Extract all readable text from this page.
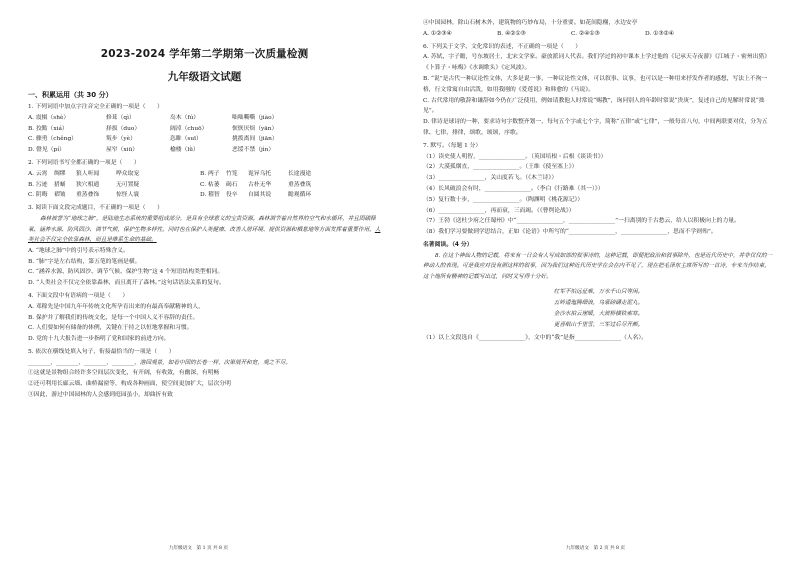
2023-2024 学年第二学期第一次质量检测
九年级语文试题
一、积累运用（共 30 分）
1. 下列词语中加点字注音完全正确的一项是（　　）
A. 震慑（shè）	修葺（qì）	岛木（fú）	咄咄嘶嘶（jiào）
B. 狡黠（xiá）	择拔（duo）	阔淖（chuō）	恹恹厌烦（yān）
C. 骤勇（chěng）	叛步（yè）	恣睢（suī）	挑拨离间（jiān）
D. 罄见（pí）	屋窄（xiū）	榆楼（lǜ）	恶馁不禁（jìn）
2. 下列词语书写全都正确的一项是（　　）
A. 云霄	绸缪	狼人听闻	哗众取宠	B. 两子	竹笼	诡异乌托	长途漫途
B. 污迹	猎蛹	狭穴相通	无可置疑	C. 枯萎	碣石	古朴无华	重蒸叠筑
C. 阴晦	褶皱	重蒸叠饰	惊怪人寰	D. 稽智	役卒	自圆其说	瞻观循环
3. 阅读下面文段完成题目，不正确的一项是（　　）
森林被誉为“地球之肺”，是陆地生态系统的重要组成部分，是具有全球意义的宝贵资源。森林调节着自然界的空气和水循环，并且固碳释氧、涵养水源、防风固沙、调节气候，保护生物多样性。同时也在保护人类健康、改善人居环境、提供资源和栖息地等方面发挥着重要作用。人类社会不仅完全依靠森林，而且是维系生命的基础。
A. “地球之肺”中的引号表示特殊含义。
B. “肺”字是左右结构，第五笔的笔画是横。
C. “涵养水源、防风固沙、调节气候、保护生物”这 4 个短语结构类型相同。
D. “人类社会不仅完全依靠森林，而且离开了森林。”这句话语法关系的复句。
4. 下面文段中有语病的一项是（　　）
A. 邓稼先是中国九年年传统文化所孕育出来的有最高奉献精神的人，
B. 保护并了解我们的传统文化，是每一个中国人义不容辞的责任。
C. 人们要如何有储备的体例，关键在于持之以恒地掌握和习惯。
D. 党的十九大报告进一步指明了党和国家的前进方向。
5. 依次在横线处填入句子，衔接最恰当的一项是（　　）
________，________，________，________，游园观景，如看中国的长卷一样，次第展开和宽，观之不尽。
①这就是景物组合经许多空间层次变化，有开阔，有收敛，有幽深，有明畅
②还可利用长廊云墙、曲桥漏窗等，构成各种画面，使空间更加扩大，层次分明
③因此，游过中国园林的人会感到庭园虽小，却曲折有致
九年级语文　第 1 页 共 8 页
④中国园林，除山石树木外，建筑物的巧妙布局，十分重要。如花间隐榭，水边安亭
A. ①②③④	B. ④②①③	C. ②④①③	D. ①③②④
6. 下列关于文学、文化常识的表述，不正确的一项是（　　）
A. 苏轼，字子瞻，号东坡居士，北宋文学家。豪放派词人代表。我们学过的初中课本上学过他的《记承天寺夜游》《江城子・密州出猎》《卜算子・咏梅》《水调歌头》《定风波》。
B. “说”是古代一种议论性文体，大多是说一事，一种议论性文体，可以叙事、议事，也可以是一种用来抒发作者的感想，写法上不拘一格，行文常寓自由活泼，如用我刚的《爱莲说》和韩愈的《马说》。
C. 古代常用的敬辞和谦辞如今仍在广泛使用，例如请教他人时常说“赐教”，询问别人的年龄时常说“贵庚”，复述自己的见解时常说“拙见”。
D. 律诗是球诗的一种，要求诗句字数整齐划一，每句五个字或七个字，简称“五律”或“七律”，一般每首八句，中间两联要对仗，分为五律、七律，排律，颂歌，颂颂，序歌。
7. 默写。（每题 1 分）
（1）读史使人明智，________________。（英国培根・后根《谈读书》）
（2）大漠孤烟直，________________。（王维《使至塞上》）
（3）________________，关山度若飞。（《木兰诗》）
（4）长风破浪会有时，________________。（李白《行路难（其一）》）
（5）复行数十步，________________。（陶渊明《桃花源记》）
（6）________________，再而衰，三而竭。（《曹刿论战》）
（7）王勃《送杜少府之任蜀州》中“________________，________________”一扫离别的千古愁云，给人以积极向上的力量。
（8）我们学习要做到学思结合，正如《论语》中所写的“________________，________________，思而不学则殆”。
名著阅读。（4 分）
8. 在这个神仙人物的记载，将来有一日会有人写成如部的叙事诗的，这种记载，即便把政治和叙事除外，也是近代历史中，并非仅仅的一种动人的表现。可是我应对没有照这样的叙事，因为我们这种近代历史学在会在内不见了，现在把毛泽东主席所写的一首诗，专来当作结束，这个地所有精神的记载写出过，同时又写得十分好。
红军不怕远征难，万水千山只等闲。
五岭逶迤腾细浪，乌蒙磅礴走泥丸。
金沙水拍云崖暖，大渡桥横铁索寒。
更喜岷山千里雪，三军过后尽开颜。
（1）以上文段选自《________________》，文中的“我”是指________________（人名）。
九年级语文　第 2 页 共 8 页
